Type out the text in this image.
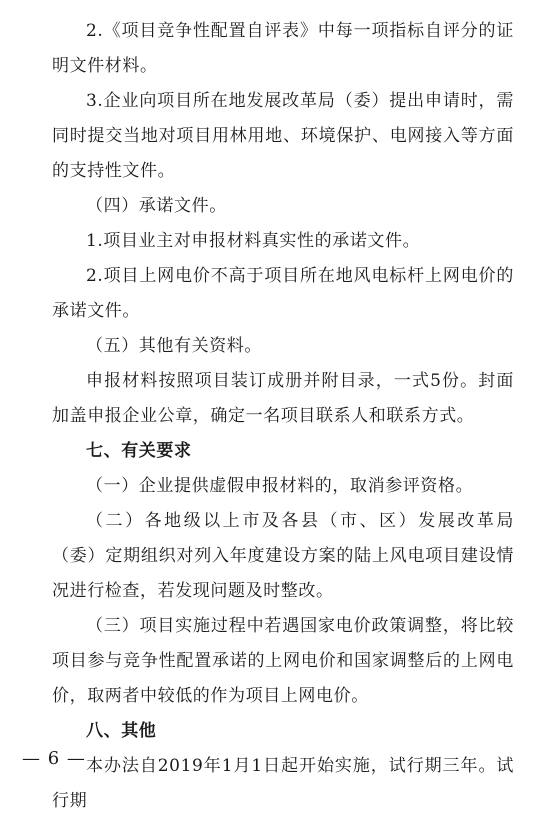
2.《项目竞争性配置自评表》中每一项指标自评分的证明文件材料。

3.企业向项目所在地发展改革局（委）提出申请时，需同时提交当地对项目用林用地、环境保护、电网接入等方面的支持性文件。

（四）承诺文件。

1.项目业主对申报材料真实性的承诺文件。

2.项目上网电价不高于项目所在地风电标杆上网电价的承诺文件。

（五）其他有关资料。

申报材料按照项目装订成册并附目录，一式5份。封面加盖申报企业公章，确定一名项目联系人和联系方式。

七、有关要求

（一）企业提供虚假申报材料的，取消参评资格。

（二）各地级以上市及各县（市、区）发展改革局（委）定期组织对列入年度建设方案的陆上风电项目建设情况进行检查，若发现问题及时整改。

（三）项目实施过程中若遇国家电价政策调整，将比较项目参与竞争性配置承诺的上网电价和国家调整后的上网电价，取两者中较低的作为项目上网电价。

八、其他

本办法自2019年1月1日起开始实施，试行期三年。试行期

— 6 —
